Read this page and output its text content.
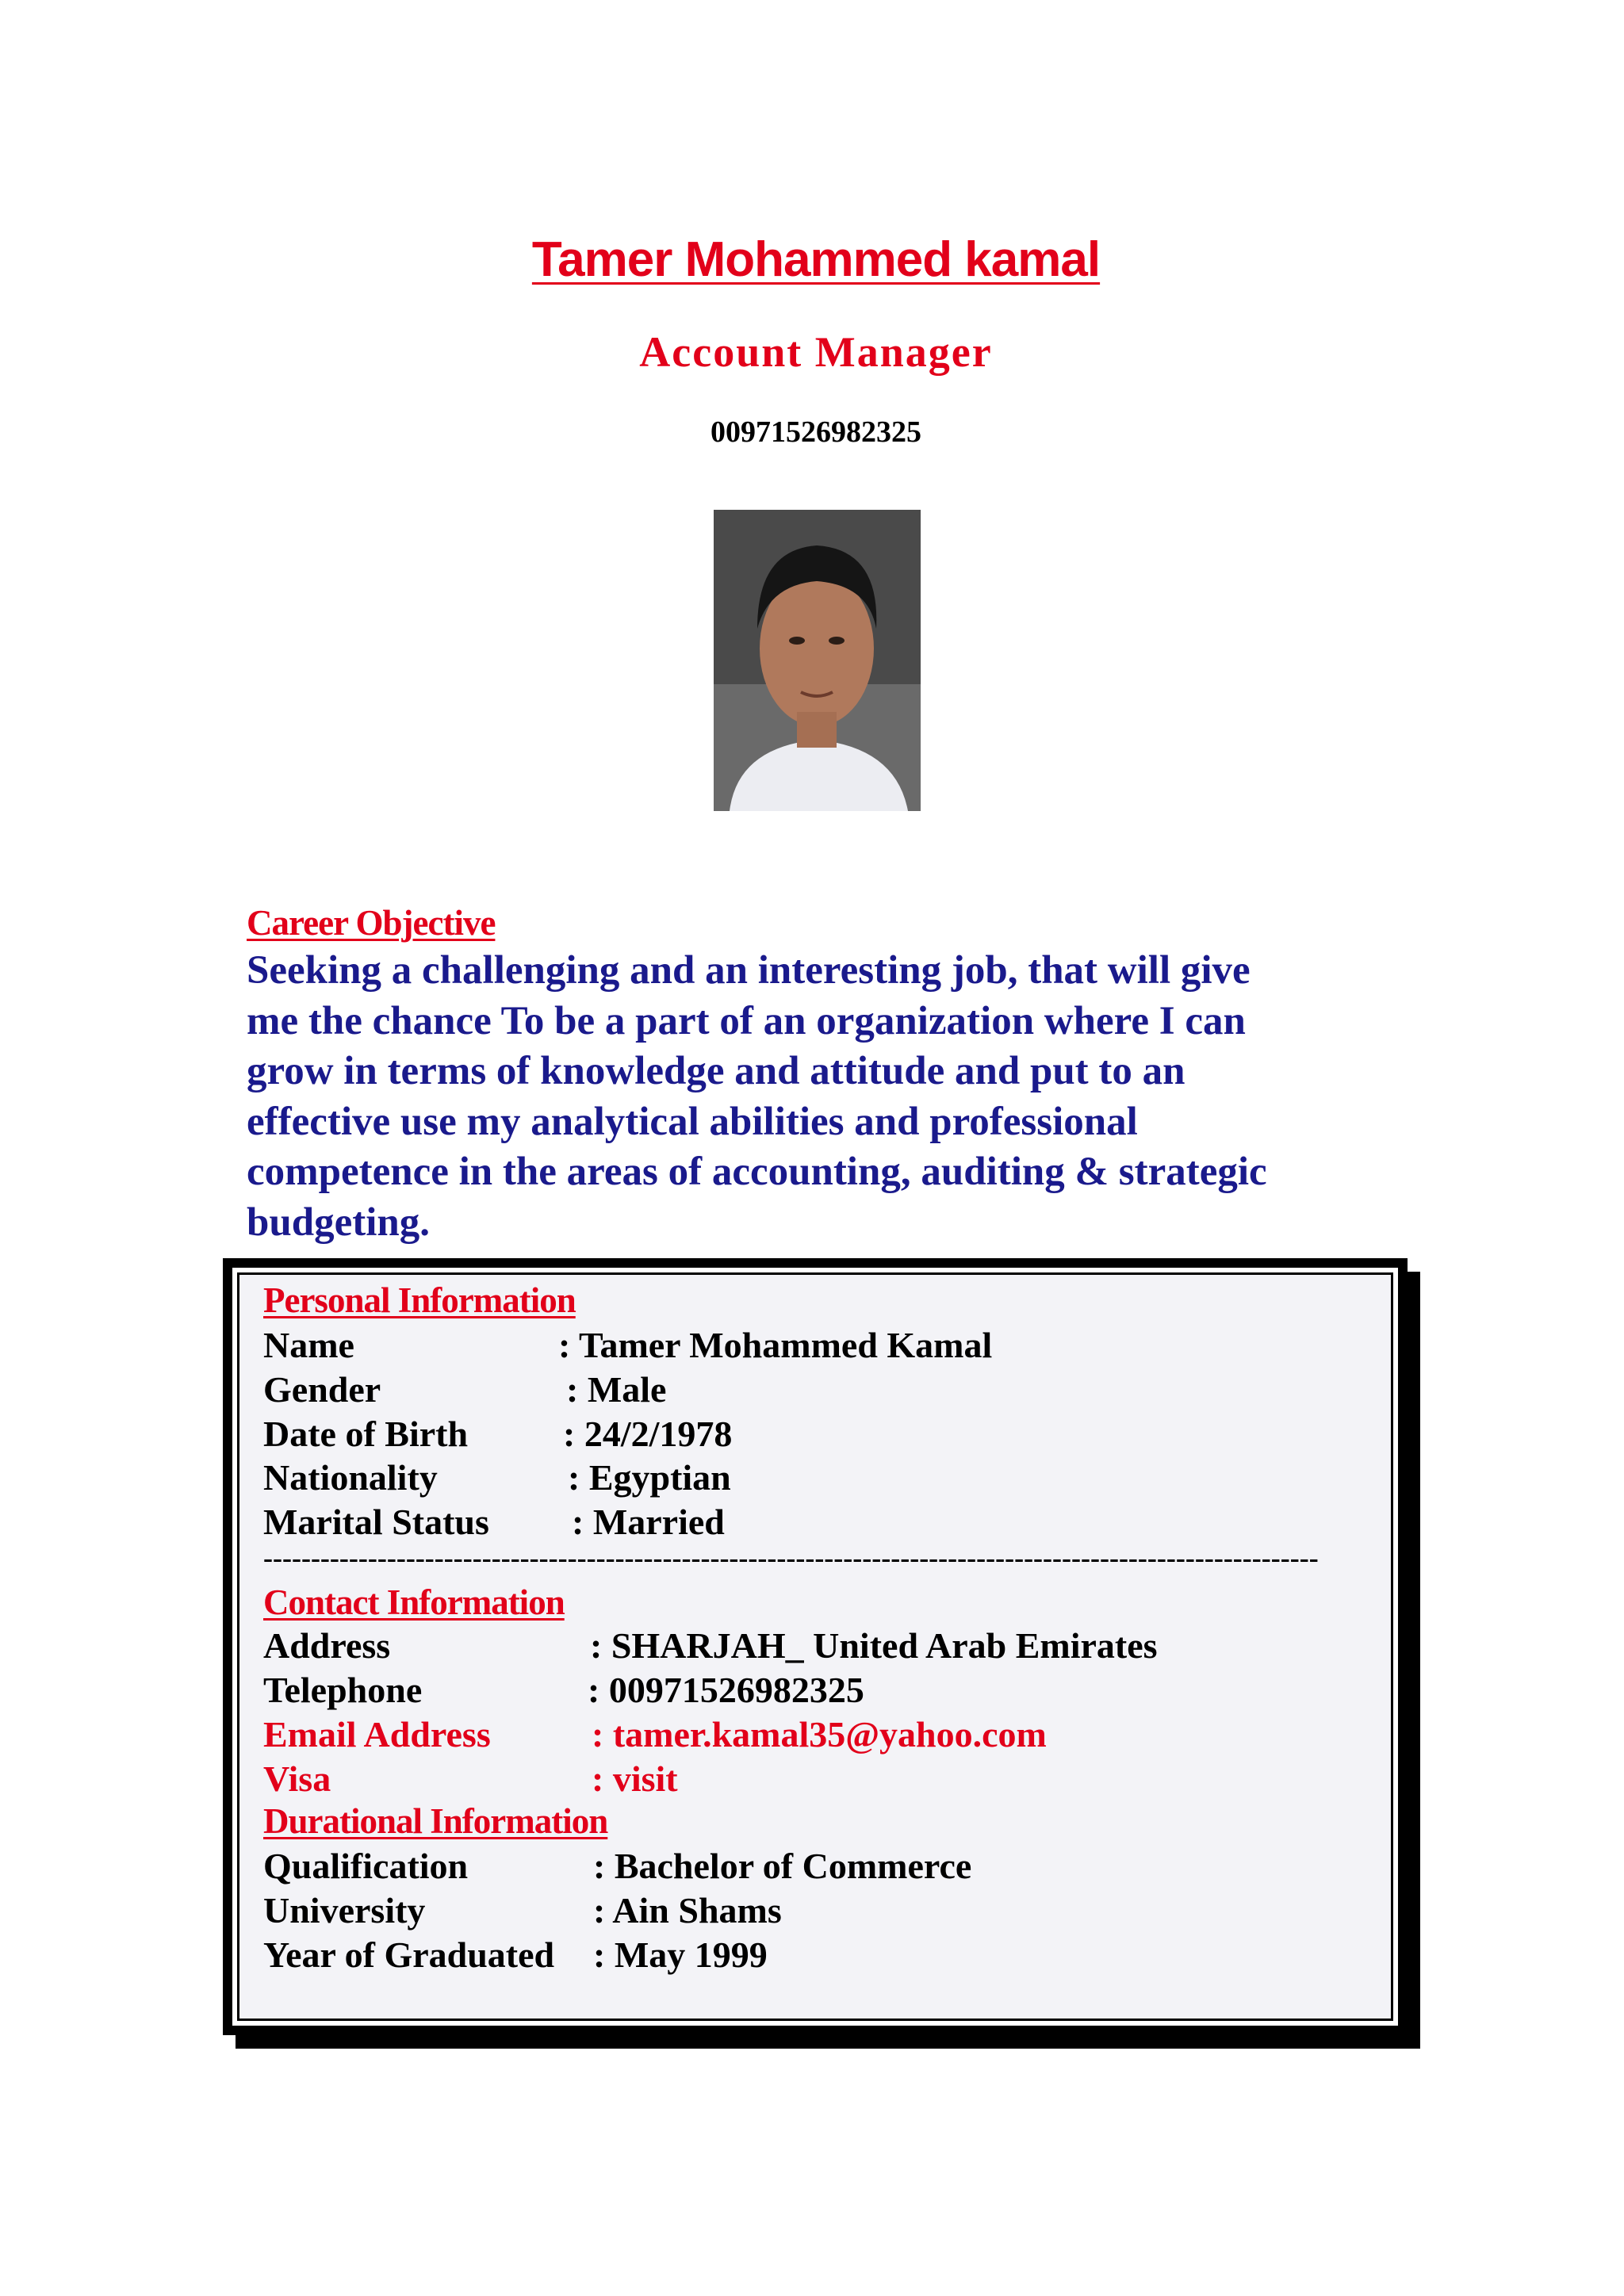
Tamer Mohammed kamal
Account Manager
00971526982325
Career Objective
Seeking a challenging and an interesting job, that will give
me the chance To be a part of an organization where I can
grow in terms of knowledge and attitude and put to an
effective use my analytical abilities and professional
competence in the areas of accounting, auditing & strategic
budgeting.
Personal Information
Name	: Tamer Mohammed Kamal
Gender	: Male
Date of Birth	: 24/2/1978
Nationality	: Egyptian
Marital Status : Married
---------------------------------------------------------------------------------------------------------------
Contact Information
Address	: SHARJAH_ United Arab Emirates
Telephone	: 00971526982325
Email Address	: tamer.kamal35@yahoo.com
Visa	: visit
Durational Information
Qualification	: Bachelor of Commerce
University	: Ain Shams
Year of Graduated : May 1999
